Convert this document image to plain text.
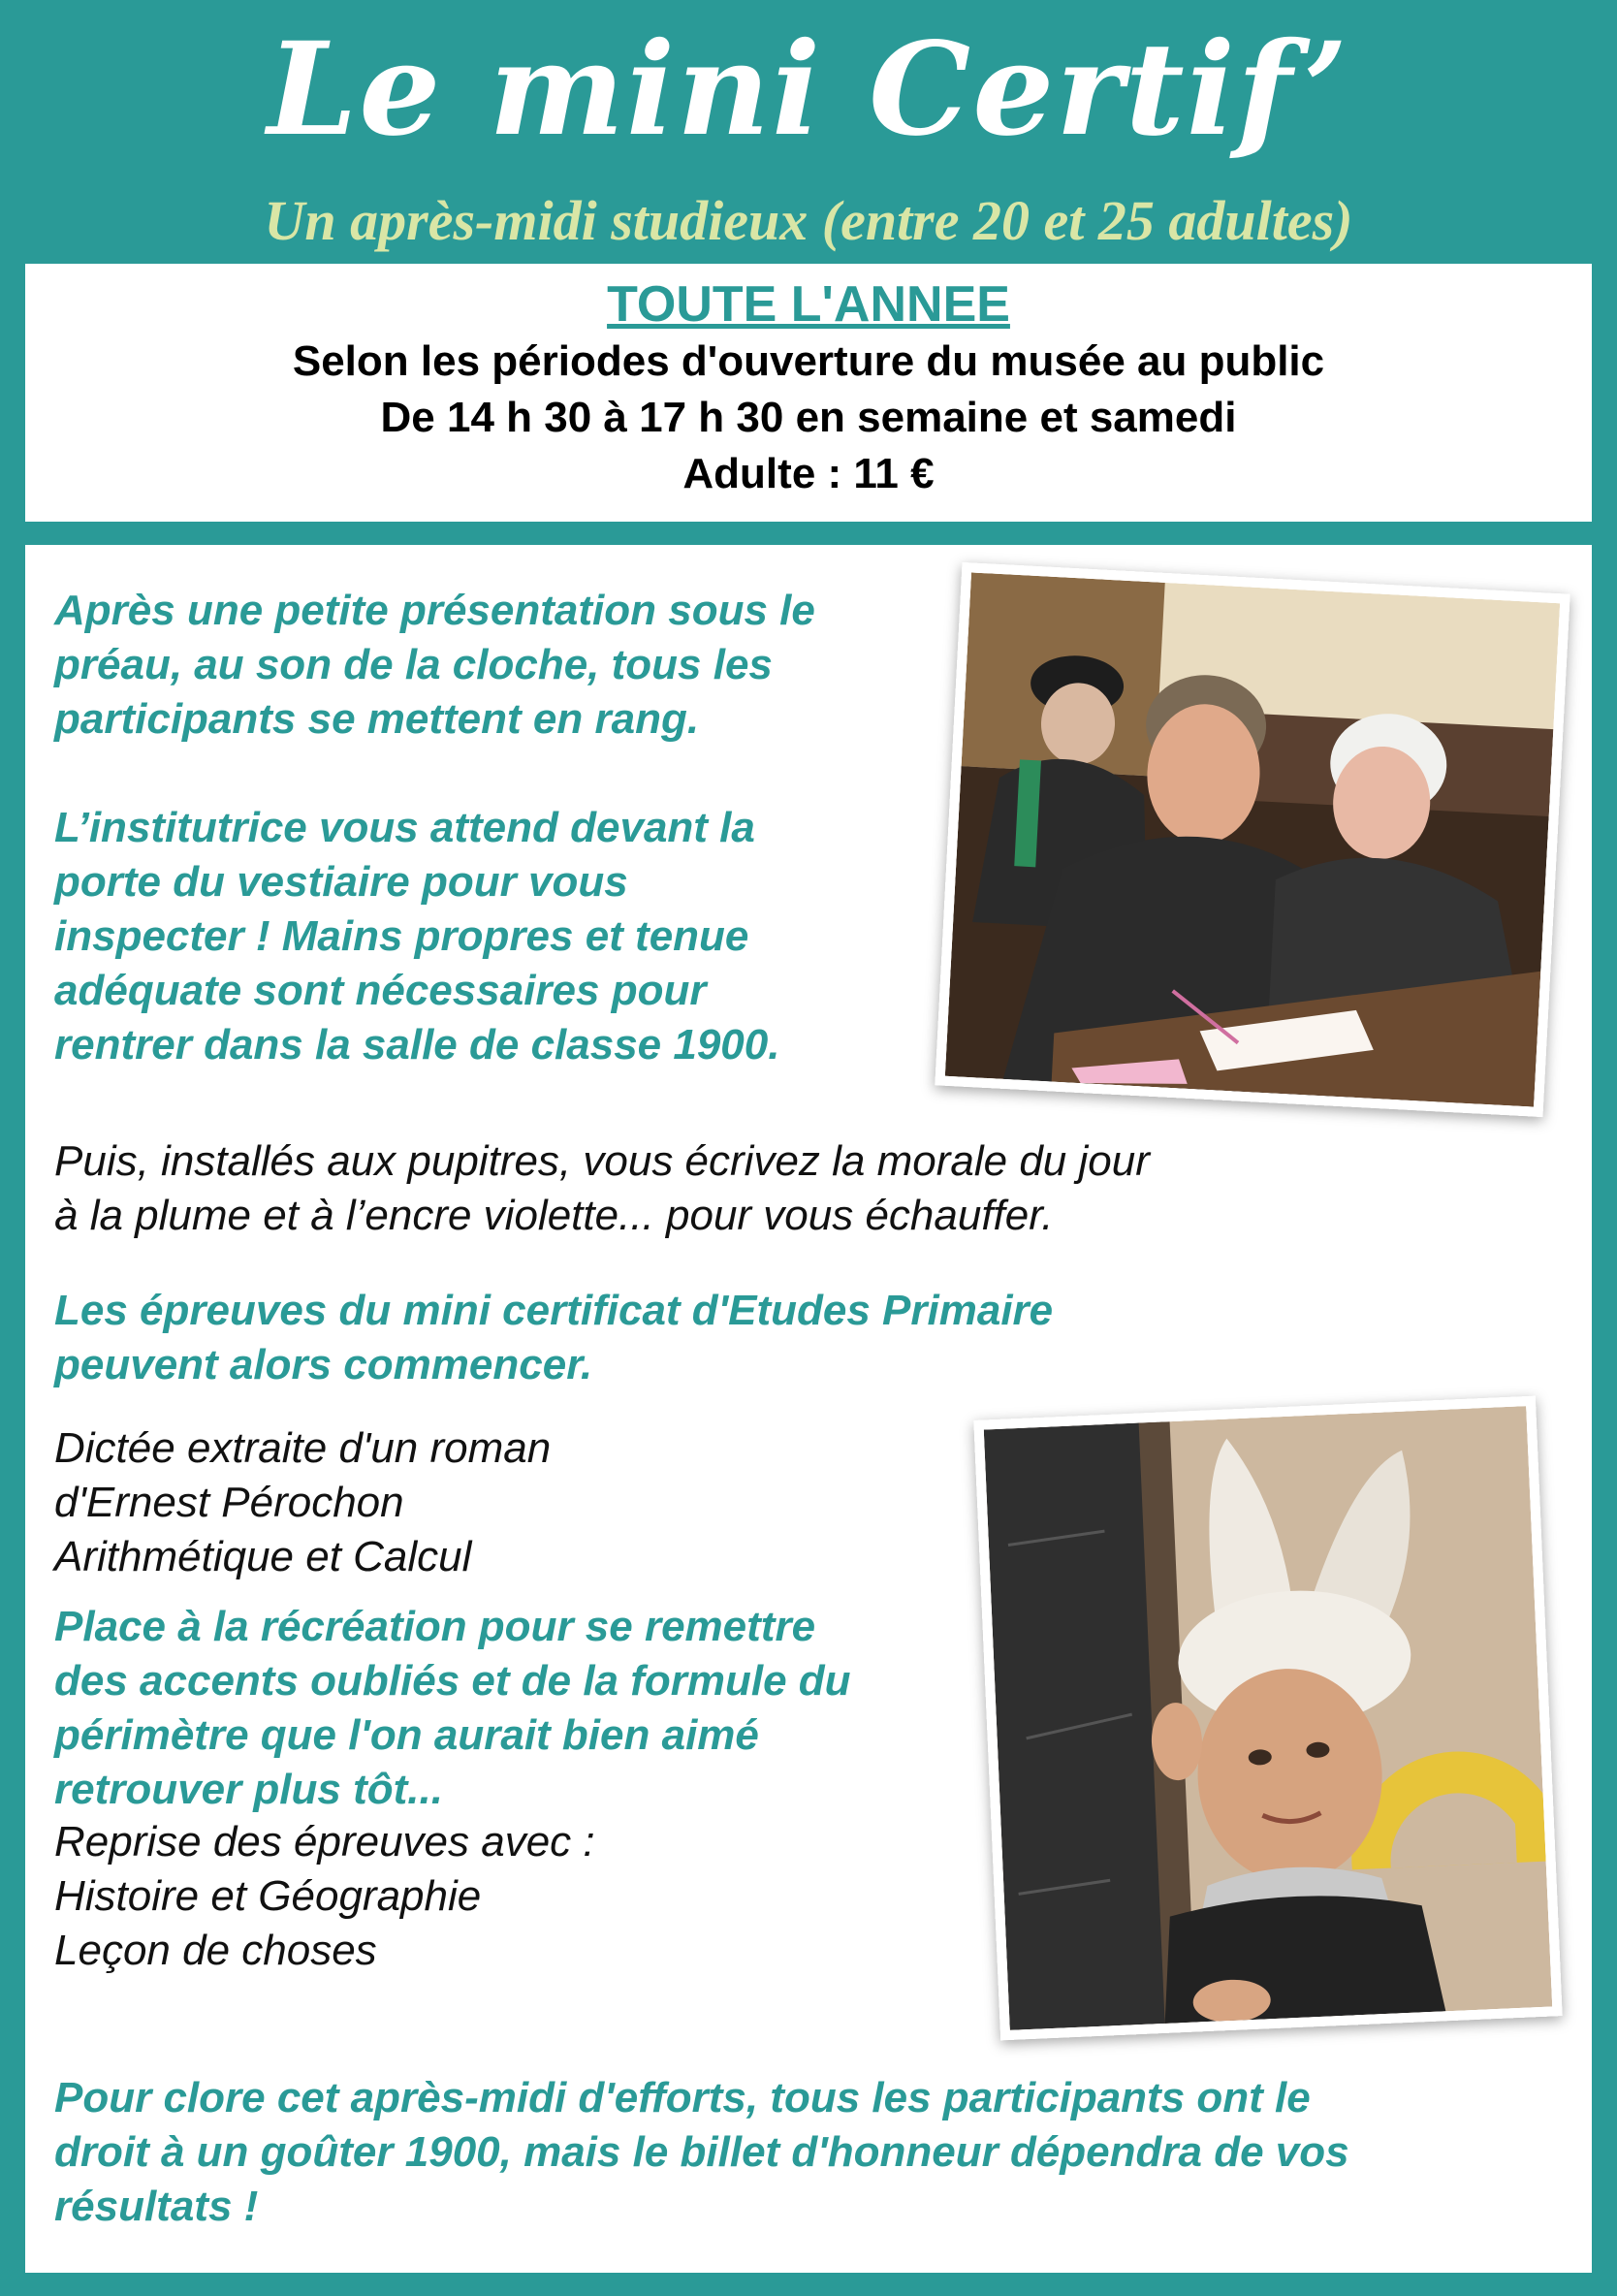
Le mini Certif’
Un après-midi studieux (entre 20 et 25 adultes)
TOUTE L'ANNEE
Selon les périodes d'ouverture du musée au public
De 14 h 30 à 17 h 30 en semaine et samedi
Adulte : 11 €
Après une petite présentation sous le
préau, au son de la cloche, tous les
participants se mettent en rang.
L’institutrice vous attend devant la
porte du vestiaire pour vous
inspecter ! Mains propres et tenue
adéquate sont nécessaires pour
rentrer dans la salle de classe 1900.
Puis, installés aux pupitres, vous écrivez la morale du jour
à la plume et à l’encre violette... pour vous échauffer.
Les épreuves du mini certificat d'Etudes Primaire
peuvent alors commencer.
Dictée extraite d'un roman
d'Ernest Pérochon
Arithmétique et Calcul
Place à la récréation pour se remettre
des accents oubliés et de la formule du
périmètre que l'on aurait bien aimé
retrouver plus tôt...
Reprise des épreuves avec :
Histoire et Géographie
Leçon de choses
Pour clore cet après-midi d'efforts, tous les participants ont le
droit à un goûter 1900, mais le billet d'honneur dépendra de vos
résultats !
